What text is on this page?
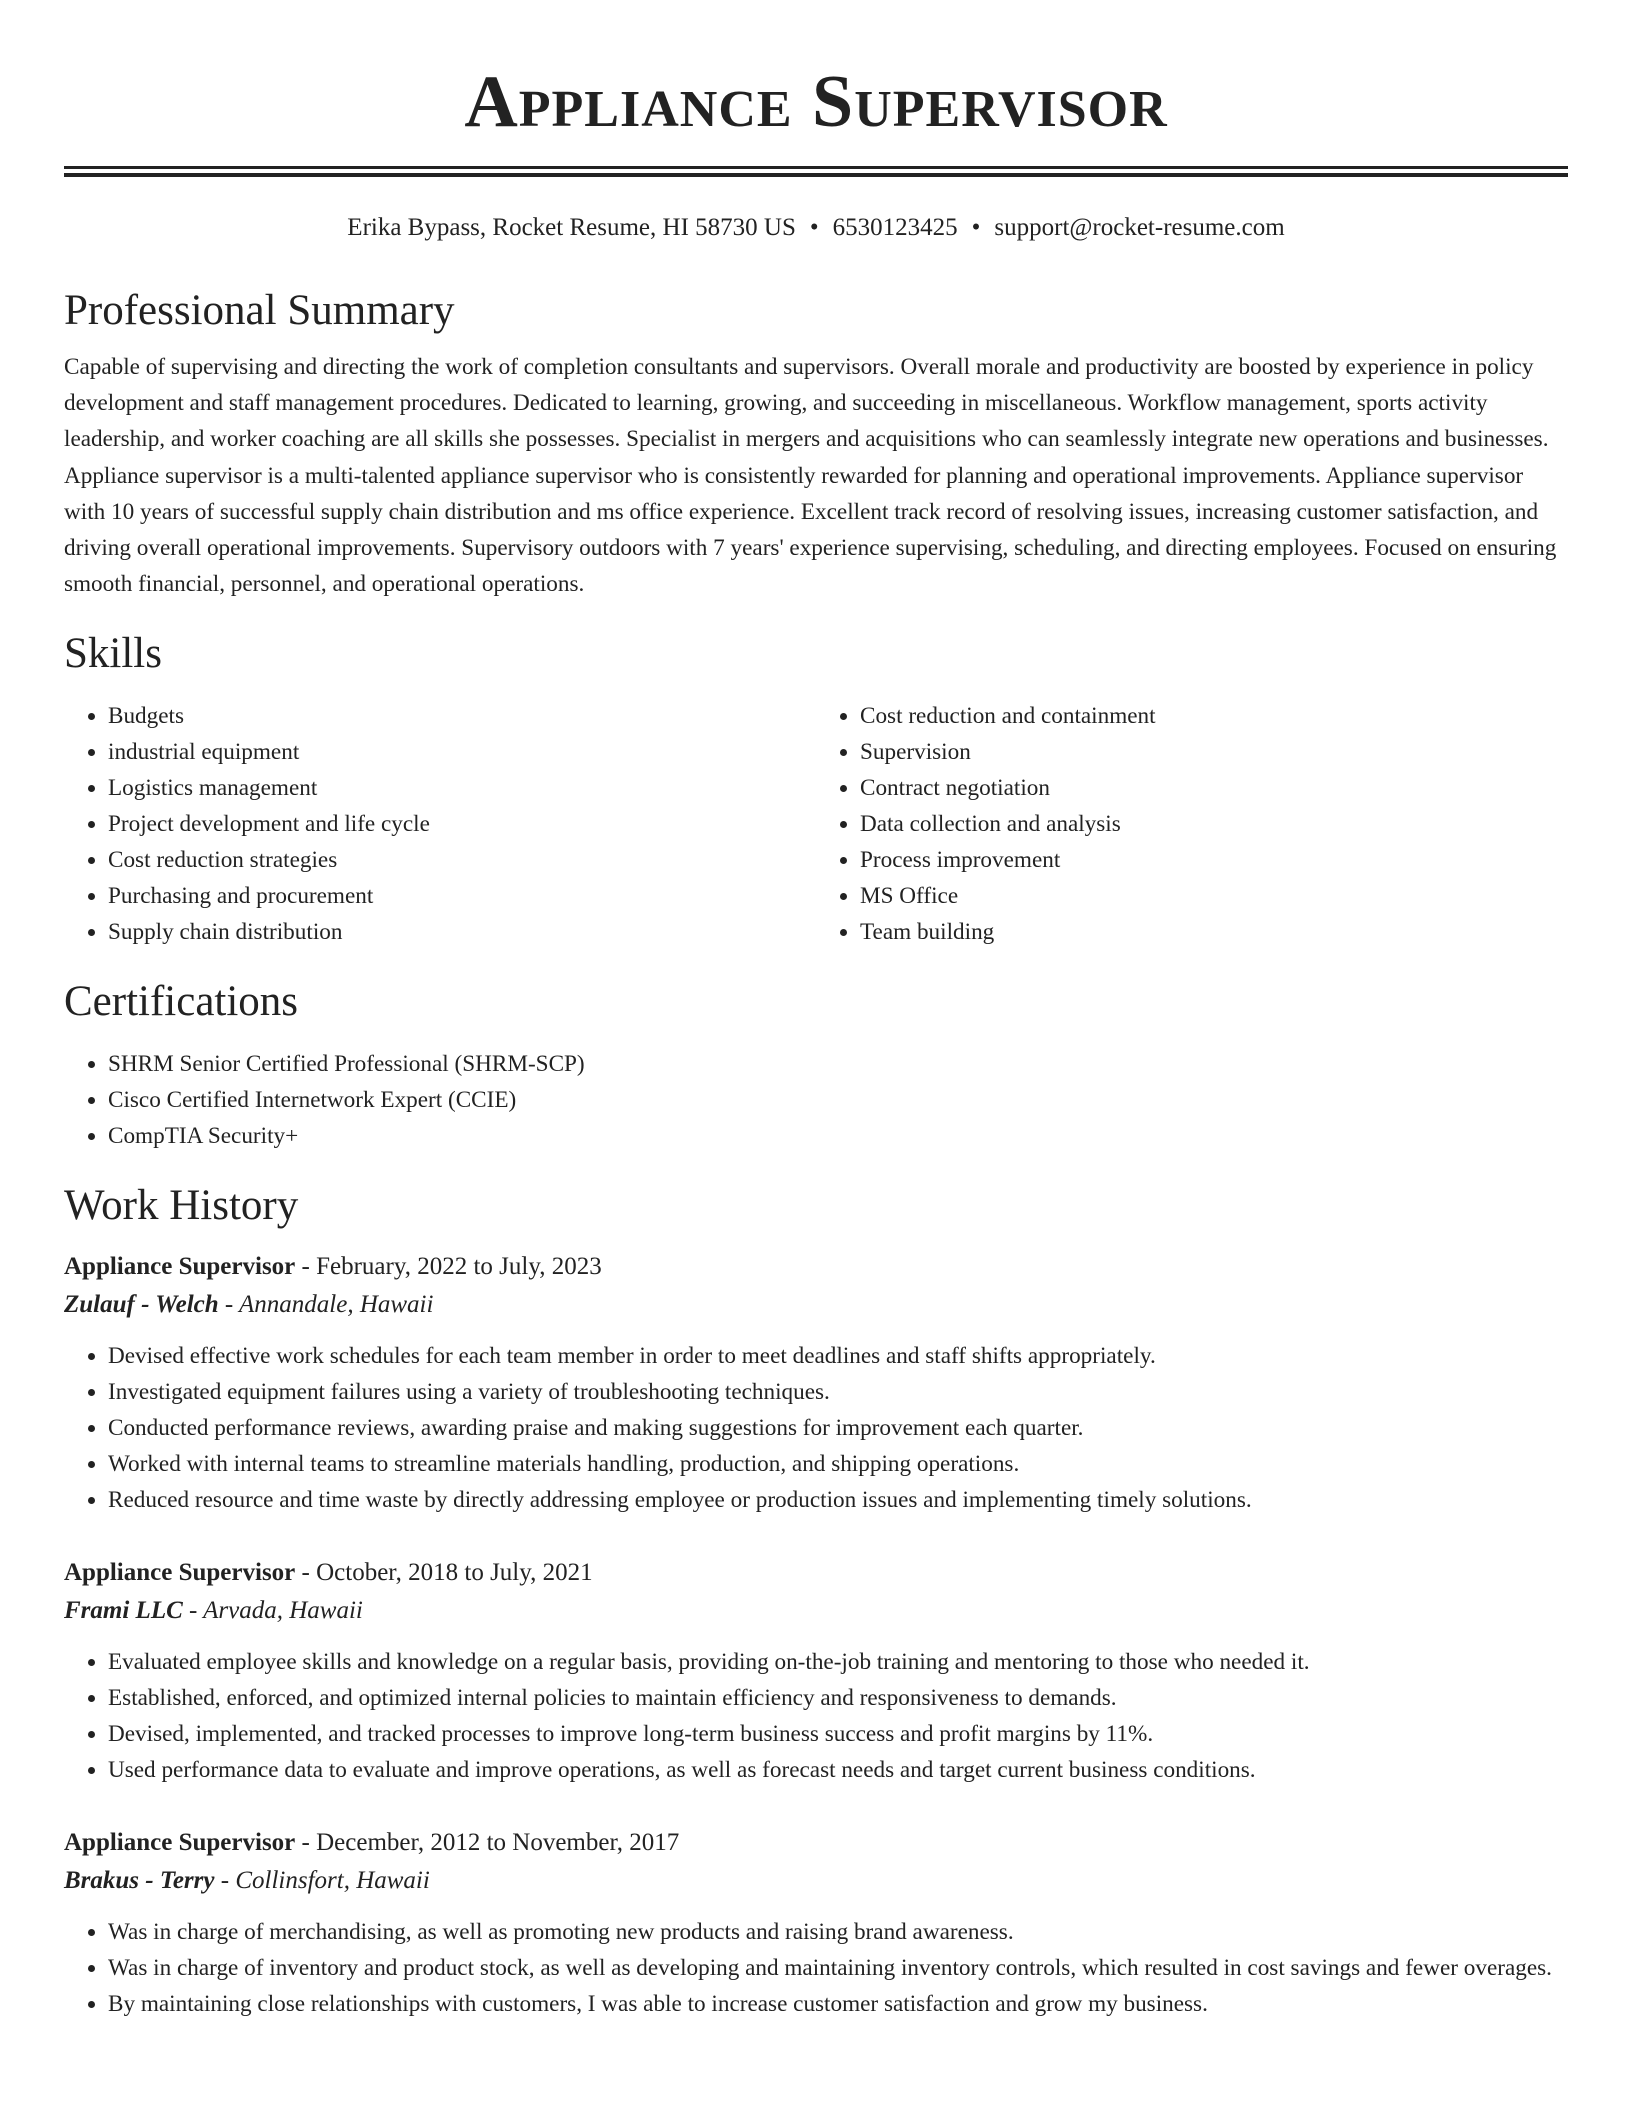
Appliance Supervisor
Erika Bypass, Rocket Resume, HI 58730 US • 6530123425 • support@rocket-resume.com
Professional Summary

Capable of supervising and directing the work of completion consultants and supervisors. Overall morale and productivity are boosted by experience in policy development and staff management procedures. Dedicated to learning, growing, and succeeding in miscellaneous. Workflow management, sports activity leadership, and worker coaching are all skills she possesses. Specialist in mergers and acquisitions who can seamlessly integrate new operations and businesses. Appliance supervisor is a multi-talented appliance supervisor who is consistently rewarded for planning and operational improvements. Appliance supervisor with 10 years of successful supply chain distribution and ms office experience. Excellent track record of resolving issues, increasing customer satisfaction, and driving overall operational improvements. Supervisory outdoors with 7 years' experience supervising, scheduling, and directing employees. Focused on ensuring smooth financial, personnel, and operational operations.

Skills
• Budgets
• industrial equipment
• Logistics management
• Project development and life cycle
• Cost reduction strategies
• Purchasing and procurement
• Supply chain distribution
• Cost reduction and containment
• Supervision
• Contract negotiation
• Data collection and analysis
• Process improvement
• MS Office
• Team building
Certifications
• SHRM Senior Certified Professional (SHRM-SCP)
• Cisco Certified Internetwork Expert (CCIE)
• CompTIA Security+
Work History
Appliance Supervisor - February, 2022 to July, 2023
Zulauf - Welch - Annandale, Hawaii
• Devised effective work schedules for each team member in order to meet deadlines and staff shifts appropriately.
• Investigated equipment failures using a variety of troubleshooting techniques.
• Conducted performance reviews, awarding praise and making suggestions for improvement each quarter.
• Worked with internal teams to streamline materials handling, production, and shipping operations.
• Reduced resource and time waste by directly addressing employee or production issues and implementing timely solutions.
Appliance Supervisor - October, 2018 to July, 2021
Frami LLC - Arvada, Hawaii
• Evaluated employee skills and knowledge on a regular basis, providing on-the-job training and mentoring to those who needed it.
• Established, enforced, and optimized internal policies to maintain efficiency and responsiveness to demands.
• Devised, implemented, and tracked processes to improve long-term business success and profit margins by 11%.
• Used performance data to evaluate and improve operations, as well as forecast needs and target current business conditions.
Appliance Supervisor - December, 2012 to November, 2017
Brakus - Terry - Collinsfort, Hawaii
• Was in charge of merchandising, as well as promoting new products and raising brand awareness.
• Was in charge of inventory and product stock, as well as developing and maintaining inventory controls, which resulted in cost savings and fewer overages.
• By maintaining close relationships with customers, I was able to increase customer satisfaction and grow my business.
